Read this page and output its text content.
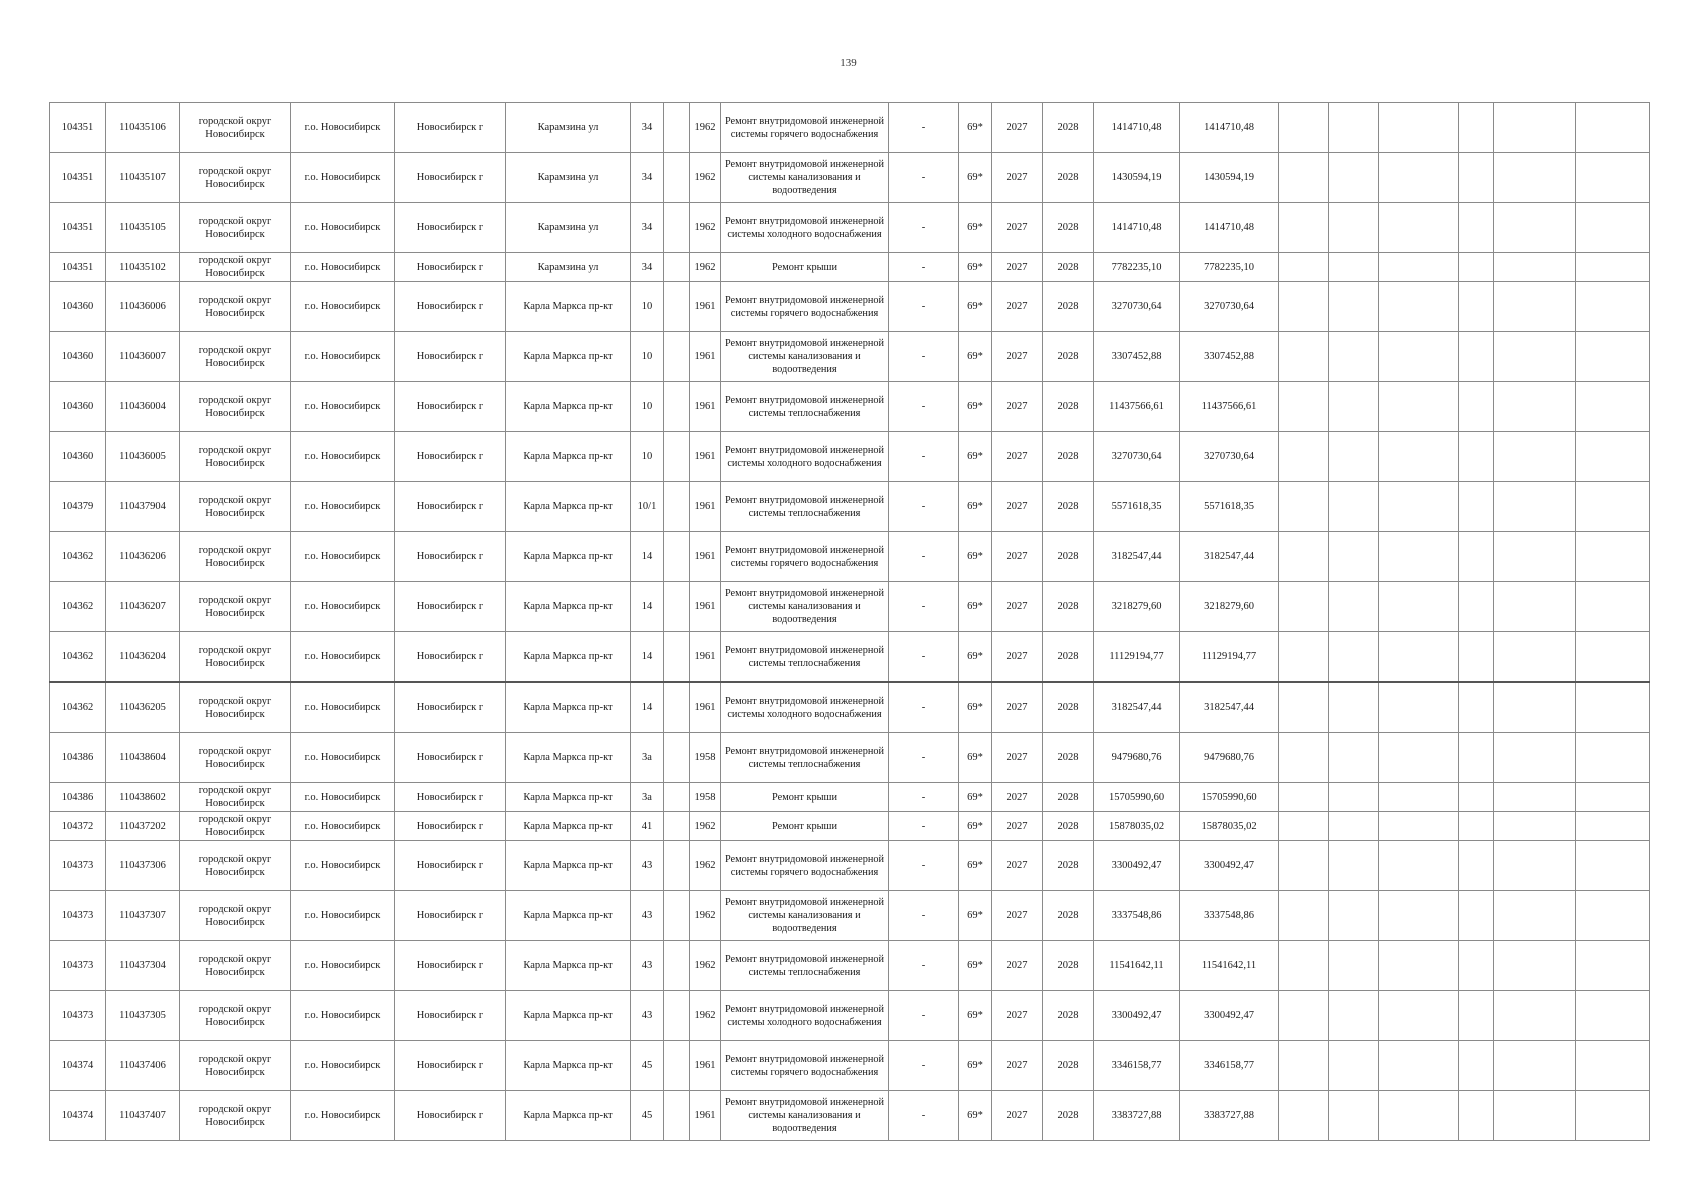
139
104351	110435106	городской округ Новосибирск	г.о. Новосибирск	Новосибирск г	Карамзина ул	34		1962	Ремонт внутридомовой инженерной системы горячего водоснабжения	-	69*	2027	2028	1414710,48	1414710,48						
104351	110435107	городской округ Новосибирск	г.о. Новосибирск	Новосибирск г	Карамзина ул	34		1962	Ремонт внутридомовой инженерной системы канализования и водоотведения	-	69*	2027	2028	1430594,19	1430594,19						
104351	110435105	городской округ Новосибирск	г.о. Новосибирск	Новосибирск г	Карамзина ул	34		1962	Ремонт внутридомовой инженерной системы холодного водоснабжения	-	69*	2027	2028	1414710,48	1414710,48						
104351	110435102	городской округ Новосибирск	г.о. Новосибирск	Новосибирск г	Карамзина ул	34		1962	Ремонт крыши	-	69*	2027	2028	7782235,10	7782235,10						
104360	110436006	городской округ Новосибирск	г.о. Новосибирск	Новосибирск г	Карла Маркса пр-кт	10		1961	Ремонт внутридомовой инженерной системы горячего водоснабжения	-	69*	2027	2028	3270730,64	3270730,64						
104360	110436007	городской округ Новосибирск	г.о. Новосибирск	Новосибирск г	Карла Маркса пр-кт	10		1961	Ремонт внутридомовой инженерной системы канализования и водоотведения	-	69*	2027	2028	3307452,88	3307452,88						
104360	110436004	городской округ Новосибирск	г.о. Новосибирск	Новосибирск г	Карла Маркса пр-кт	10		1961	Ремонт внутридомовой инженерной системы теплоснабжения	-	69*	2027	2028	11437566,61	11437566,61						
104360	110436005	городской округ Новосибирск	г.о. Новосибирск	Новосибирск г	Карла Маркса пр-кт	10		1961	Ремонт внутридомовой инженерной системы холодного водоснабжения	-	69*	2027	2028	3270730,64	3270730,64						
104379	110437904	городской округ Новосибирск	г.о. Новосибирск	Новосибирск г	Карла Маркса пр-кт	10/1		1961	Ремонт внутридомовой инженерной системы теплоснабжения	-	69*	2027	2028	5571618,35	5571618,35						
104362	110436206	городской округ Новосибирск	г.о. Новосибирск	Новосибирск г	Карла Маркса пр-кт	14		1961	Ремонт внутридомовой инженерной системы горячего водоснабжения	-	69*	2027	2028	3182547,44	3182547,44						
104362	110436207	городской округ Новосибирск	г.о. Новосибирск	Новосибирск г	Карла Маркса пр-кт	14		1961	Ремонт внутридомовой инженерной системы канализования и водоотведения	-	69*	2027	2028	3218279,60	3218279,60						
104362	110436204	городской округ Новосибирск	г.о. Новосибирск	Новосибирск г	Карла Маркса пр-кт	14		1961	Ремонт внутридомовой инженерной системы теплоснабжения	-	69*	2027	2028	11129194,77	11129194,77						
104362	110436205	городской округ Новосибирск	г.о. Новосибирск	Новосибирск г	Карла Маркса пр-кт	14		1961	Ремонт внутридомовой инженерной системы холодного водоснабжения	-	69*	2027	2028	3182547,44	3182547,44						
104386	110438604	городской округ Новосибирск	г.о. Новосибирск	Новосибирск г	Карла Маркса пр-кт	3а		1958	Ремонт внутридомовой инженерной системы теплоснабжения	-	69*	2027	2028	9479680,76	9479680,76						
104386	110438602	городской округ Новосибирск	г.о. Новосибирск	Новосибирск г	Карла Маркса пр-кт	3а		1958	Ремонт крыши	-	69*	2027	2028	15705990,60	15705990,60						
104372	110437202	городской округ Новосибирск	г.о. Новосибирск	Новосибирск г	Карла Маркса пр-кт	41		1962	Ремонт крыши	-	69*	2027	2028	15878035,02	15878035,02						
104373	110437306	городской округ Новосибирск	г.о. Новосибирск	Новосибирск г	Карла Маркса пр-кт	43		1962	Ремонт внутридомовой инженерной системы горячего водоснабжения	-	69*	2027	2028	3300492,47	3300492,47						
104373	110437307	городской округ Новосибирск	г.о. Новосибирск	Новосибирск г	Карла Маркса пр-кт	43		1962	Ремонт внутридомовой инженерной системы канализования и водоотведения	-	69*	2027	2028	3337548,86	3337548,86						
104373	110437304	городской округ Новосибирск	г.о. Новосибирск	Новосибирск г	Карла Маркса пр-кт	43		1962	Ремонт внутридомовой инженерной системы теплоснабжения	-	69*	2027	2028	11541642,11	11541642,11						
104373	110437305	городской округ Новосибирск	г.о. Новосибирск	Новосибирск г	Карла Маркса пр-кт	43		1962	Ремонт внутридомовой инженерной системы холодного водоснабжения	-	69*	2027	2028	3300492,47	3300492,47						
104374	110437406	городской округ Новосибирск	г.о. Новосибирск	Новосибирск г	Карла Маркса пр-кт	45		1961	Ремонт внутридомовой инженерной системы горячего водоснабжения	-	69*	2027	2028	3346158,77	3346158,77						
104374	110437407	городской округ Новосибирск	г.о. Новосибирск	Новосибирск г	Карла Маркса пр-кт	45		1961	Ремонт внутридомовой инженерной системы канализования и водоотведения	-	69*	2027	2028	3383727,88	3383727,88						
